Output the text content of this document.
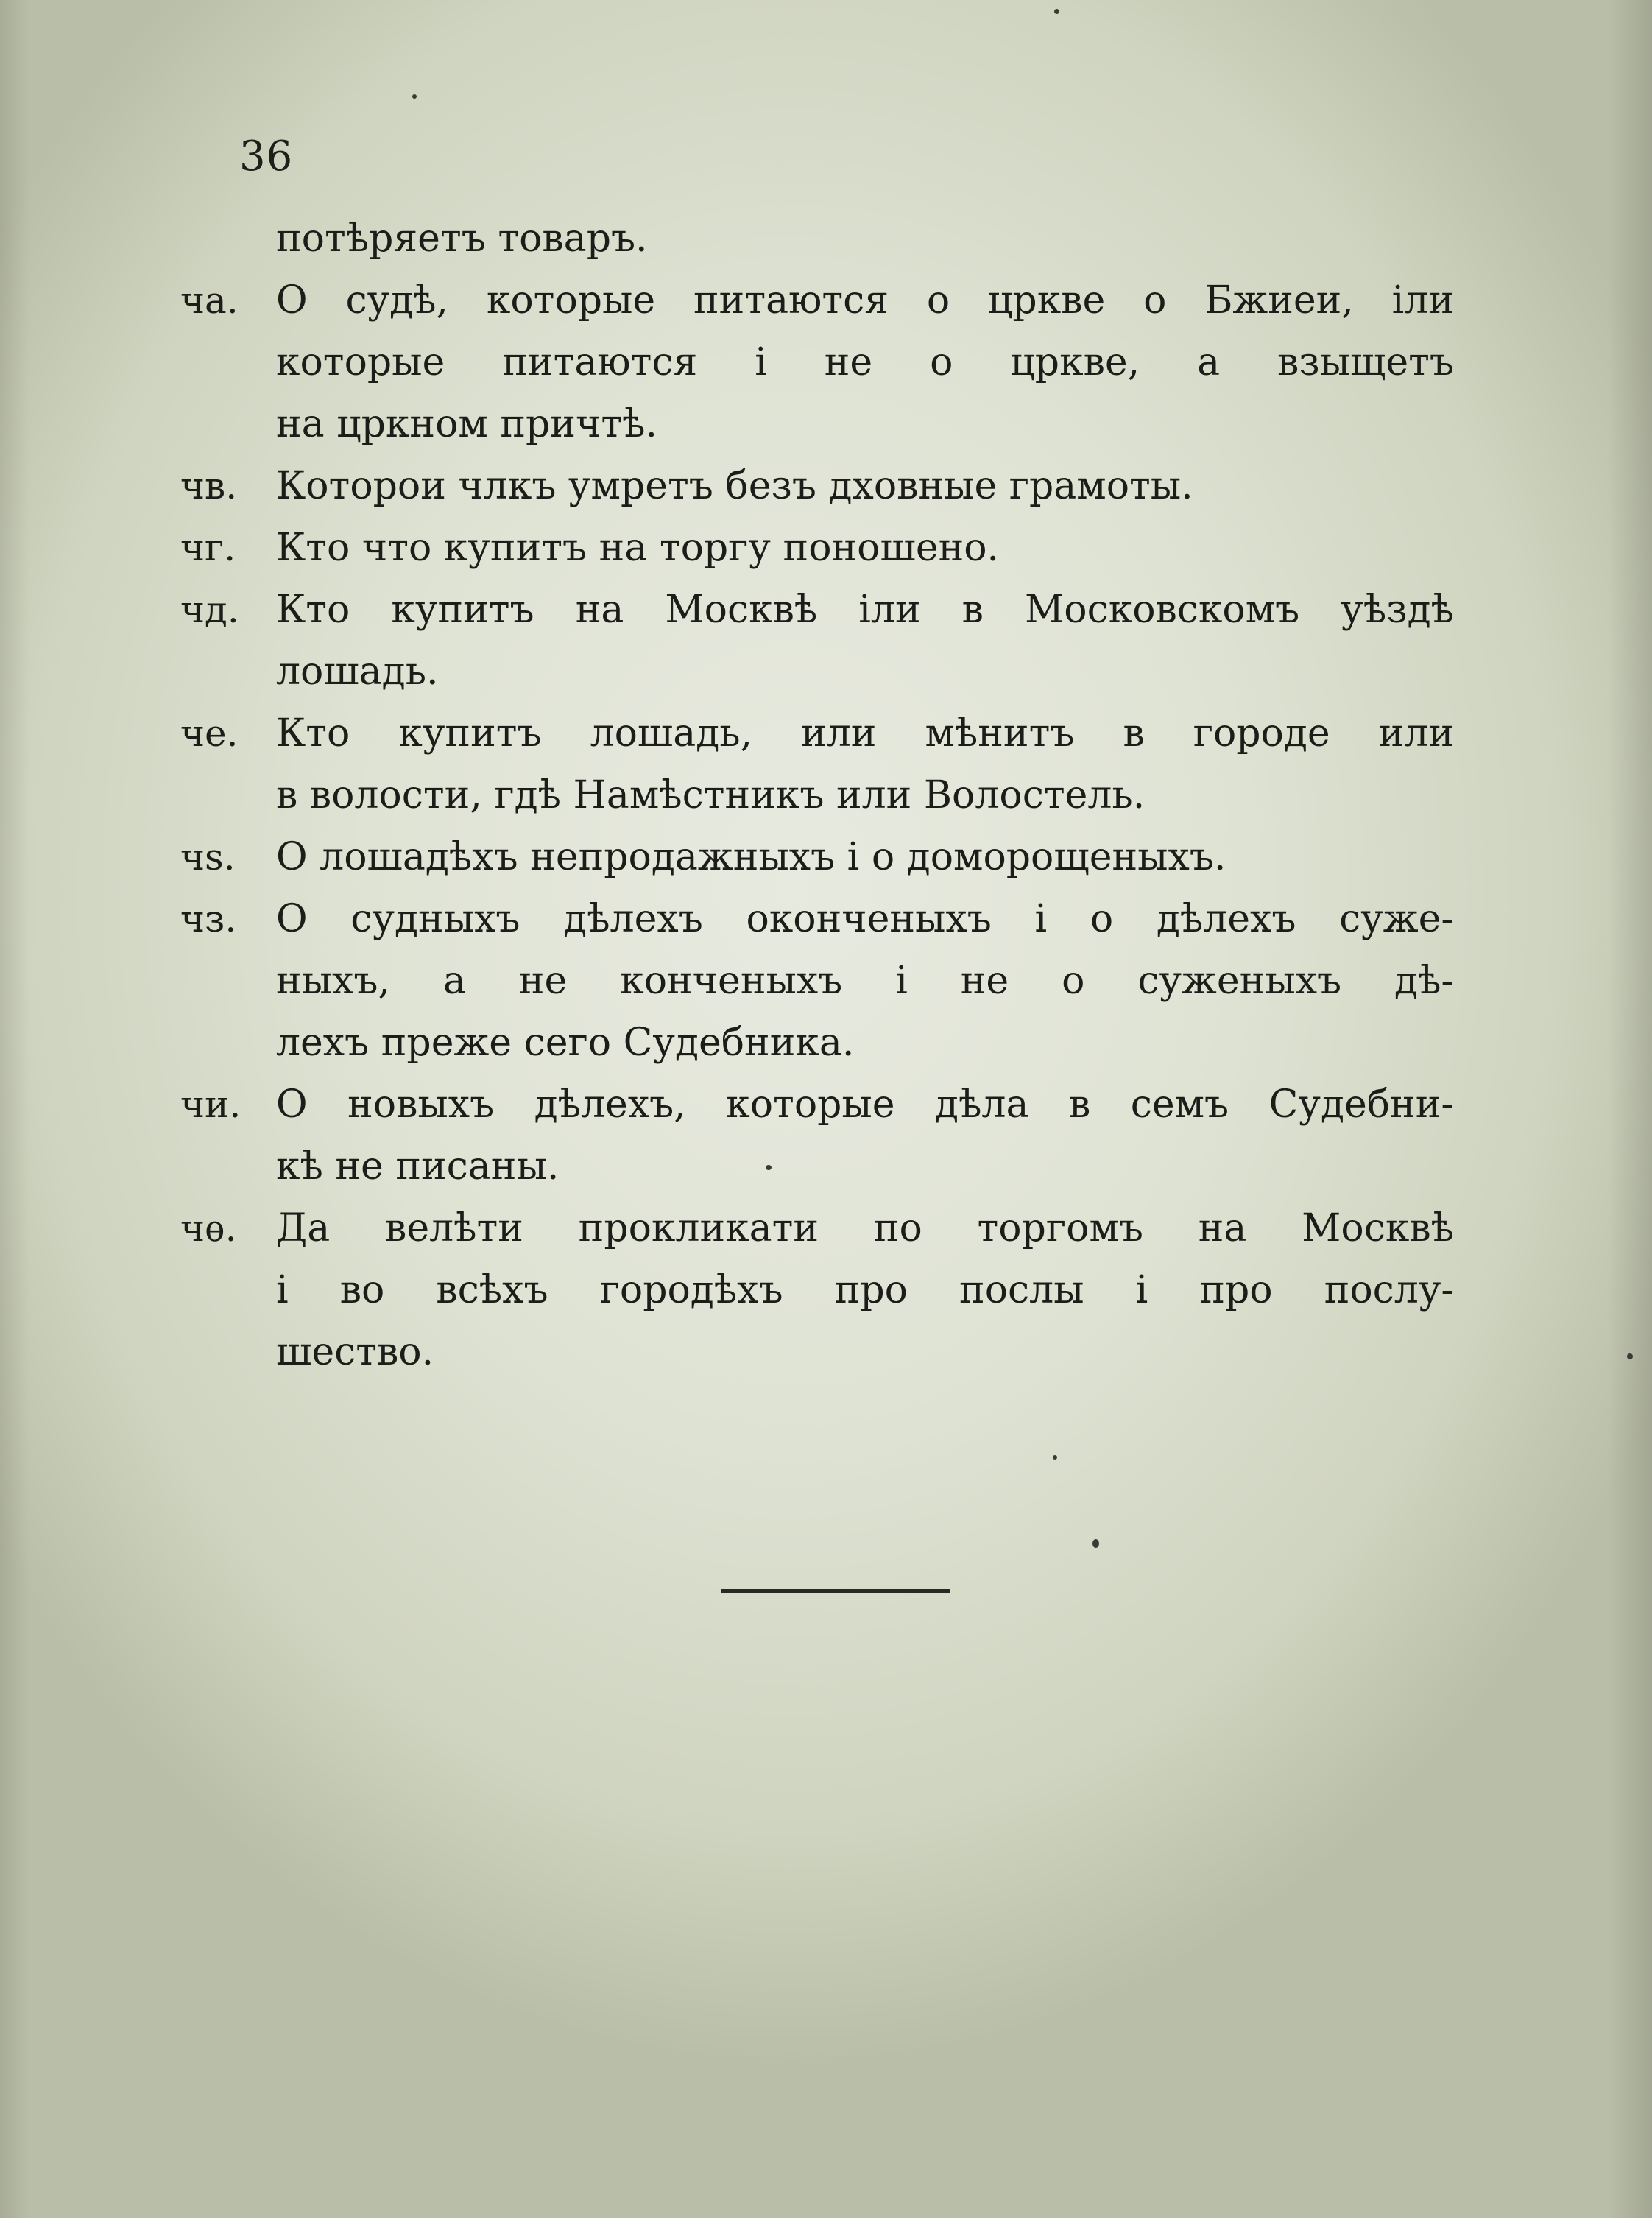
36
потѣряетъ товаръ.
ча. О судѣ, которые питаются о цркве о Бжиеи, іли
которые питаются і не о цркве, а взыщетъ
на цркном причтѣ.
чв.	Которои члкъ умретъ безъ дховные грамоты.
чг.	Кто что купитъ на торгу поношено.
чд. Кто купитъ на Москвѣ іли в Московскомъ уѣздѣ
лошадь.
че. Кто купитъ лошадь, или мѣнитъ в городе или
в волости, гдѣ Намѣстникъ или Волостель.
чs.	О лошадѣхъ непродажныхъ і о доморощеныхъ.
чз.	О судныхъ дѣлехъ оконченыхъ і о дѣлехъ суже-
ныхъ, а не конченыхъ і не о суженыхъ дѣ-
лехъ преже сего Судебника.
чи. О новыхъ дѣлехъ, которые дѣла в семъ Судебни-
кѣ не писаны.
чѳ.	Да велѣти прокликати по торгомъ на Москвѣ
і во всѣхъ городѣхъ про послы і про послу-
шество.
